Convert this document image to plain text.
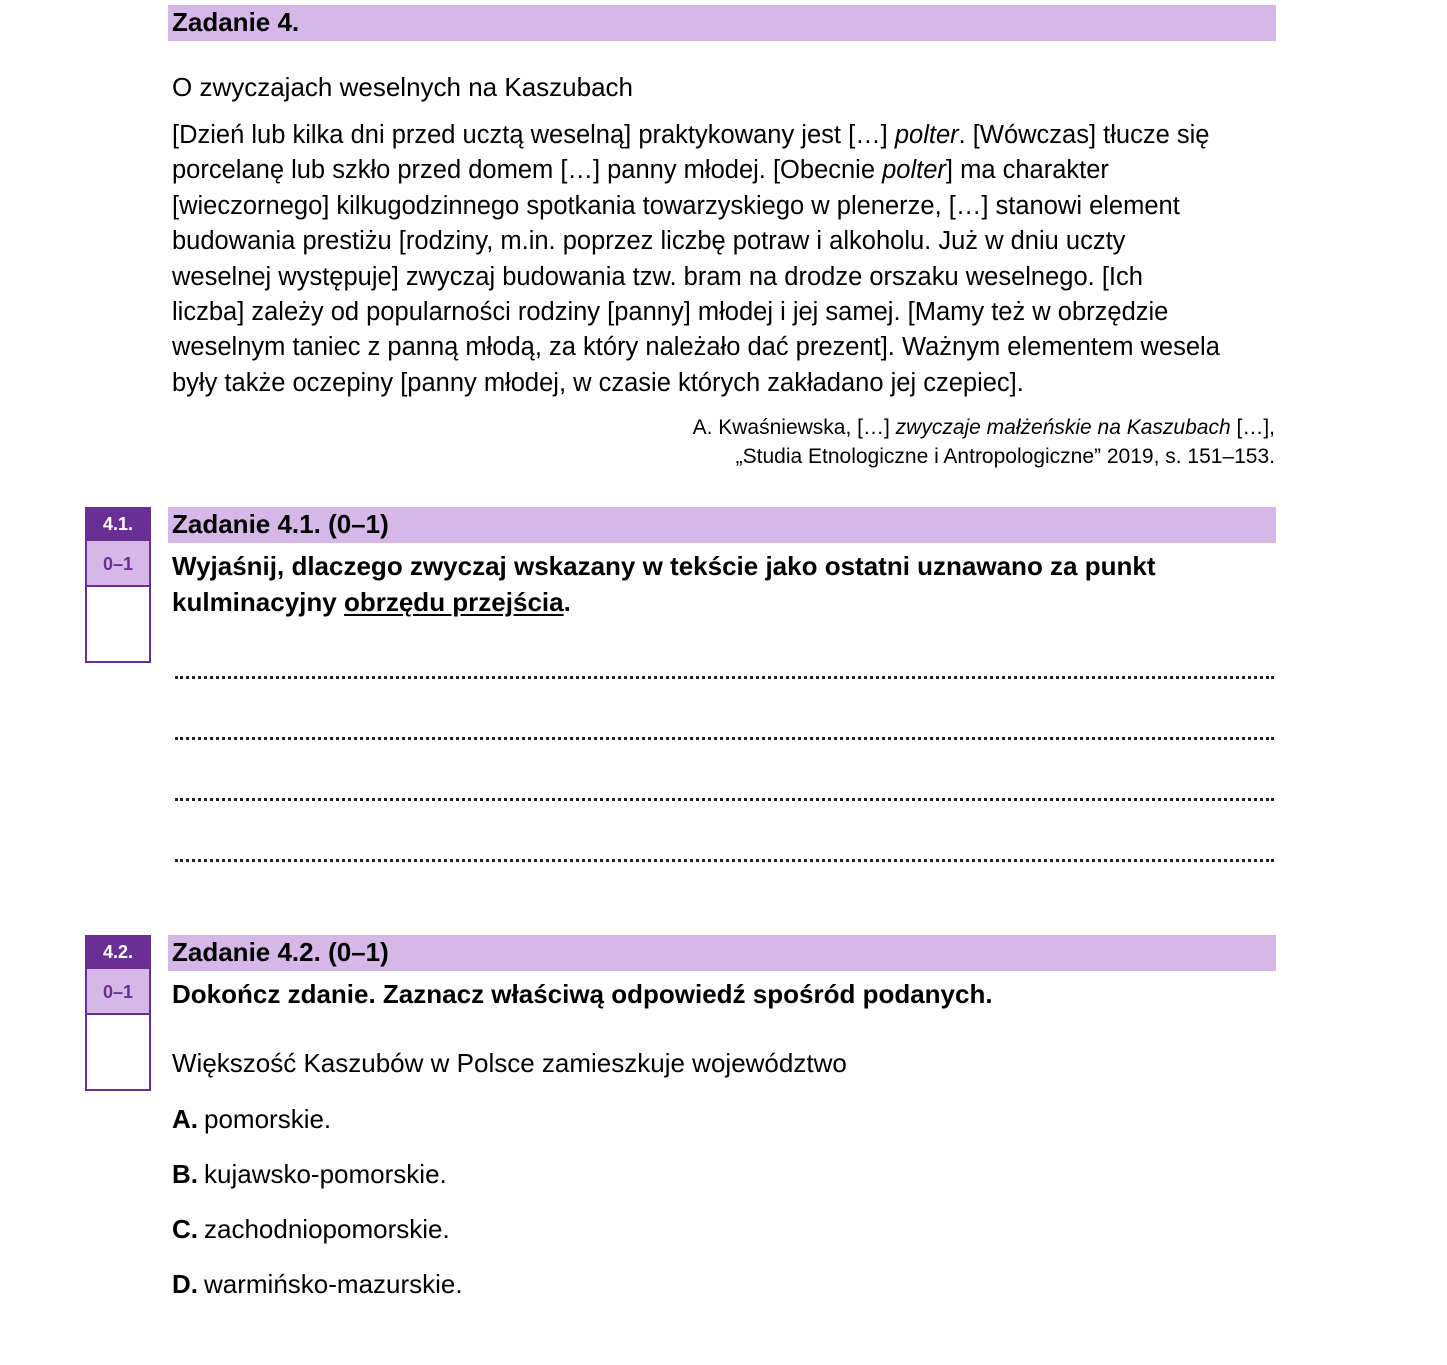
Zadanie 4.
O zwyczajach weselnych na Kaszubach
[Dzień lub kilka dni przed ucztą weselną] praktykowany jest […] polter. [Wówczas] tłucze się
porcelanę lub szkło przed domem […] panny młodej. [Obecnie polter] ma charakter
[wieczornego] kilkugodzinnego spotkania towarzyskiego w plenerze, […] stanowi element
budowania prestiżu [rodziny, m.in. poprzez liczbę potraw i alkoholu. Już w dniu uczty
weselnej występuje] zwyczaj budowania tzw. bram na drodze orszaku weselnego. [Ich
liczba] zależy od popularności rodziny [panny] młodej i jej samej. [Mamy też w obrzędzie
weselnym taniec z panną młodą, za który należało dać prezent]. Ważnym elementem wesela
były także oczepiny [panny młodej, w czasie których zakładano jej czepiec].
A. Kwaśniewska, […] zwyczaje małżeńskie na Kaszubach […],
„Studia Etnologiczne i Antropologiczne” 2019, s. 151–153.
4.1.
0–1
Zadanie 4.1. (0–1)
Wyjaśnij, dlaczego zwyczaj wskazany w tekście jako ostatni uznawano za punkt
kulminacyjny obrzędu przejścia.
4.2.
0–1
Zadanie 4.2. (0–1)
Dokończ zdanie. Zaznacz właściwą odpowiedź spośród podanych.
Większość Kaszubów w Polsce zamieszkuje województwo
A. pomorskie.
B. kujawsko-pomorskie.
C. zachodniopomorskie.
D. warmińsko-mazurskie.
